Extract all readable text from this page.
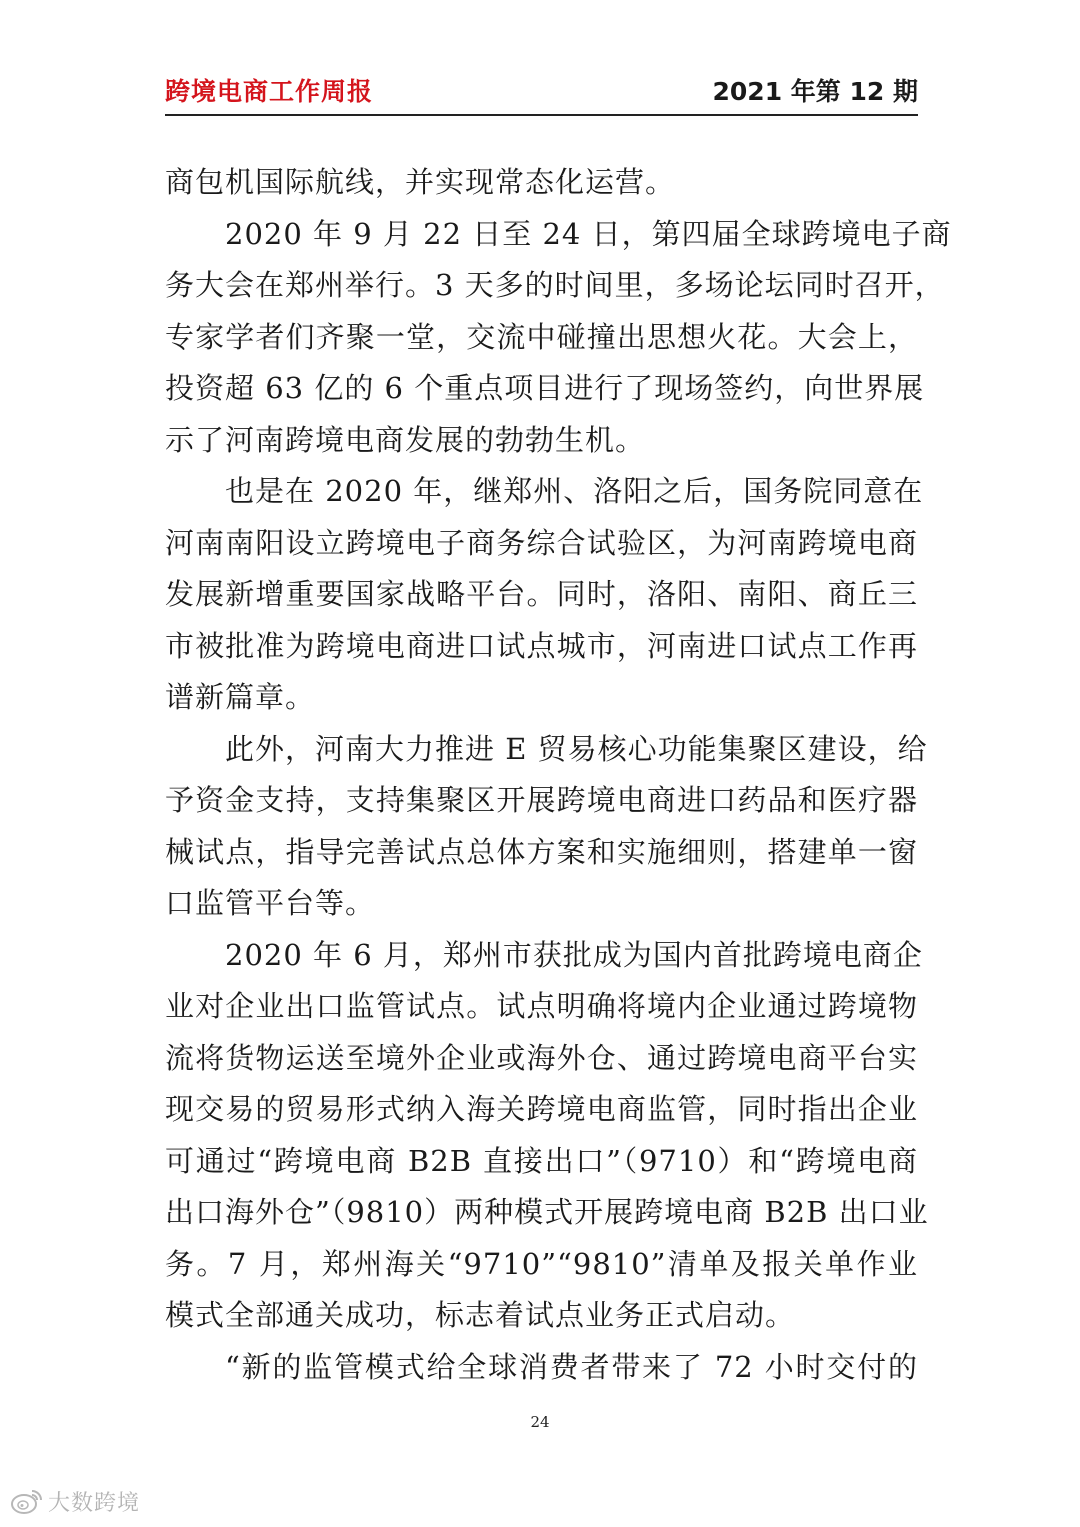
跨境电商工作周报	2021 年第 12 期
商包机国际航线，并实现常态化运营。
2020 年 9 月 22 日至 24 日，第四届全球跨境电子商
务大会在郑州举行。3 天多的时间里，多场论坛同时召开，
专家学者们齐聚一堂，交流中碰撞出思想火花。大会上，
投资超 63 亿的 6 个重点项目进行了现场签约，向世界展
示了河南跨境电商发展的勃勃生机。
也是在 2020 年，继郑州、洛阳之后，国务院同意在
河南南阳设立跨境电子商务综合试验区，为河南跨境电商
发展新增重要国家战略平台。同时，洛阳、南阳、商丘三
市被批准为跨境电商进口试点城市，河南进口试点工作再
谱新篇章。
此外，河南大力推进 E 贸易核心功能集聚区建设，给
予资金支持，支持集聚区开展跨境电商进口药品和医疗器
械试点，指导完善试点总体方案和实施细则，搭建单一窗
口监管平台等。
2020 年 6 月，郑州市获批成为国内首批跨境电商企
业对企业出口监管试点。试点明确将境内企业通过跨境物
流将货物运送至境外企业或海外仓、通过跨境电商平台实
现交易的贸易形式纳入海关跨境电商监管，同时指出企业
可通过“跨境电商 B2B 直接出口”（9710）和“跨境电商
出口海外仓”（9810）两种模式开展跨境电商 B2B 出口业
务。7 月，郑州海关“9710”“9810”清单及报关单作业
模式全部通关成功，标志着试点业务正式启动。
“新的监管模式给全球消费者带来了 72 小时交付的
24
大数跨境
